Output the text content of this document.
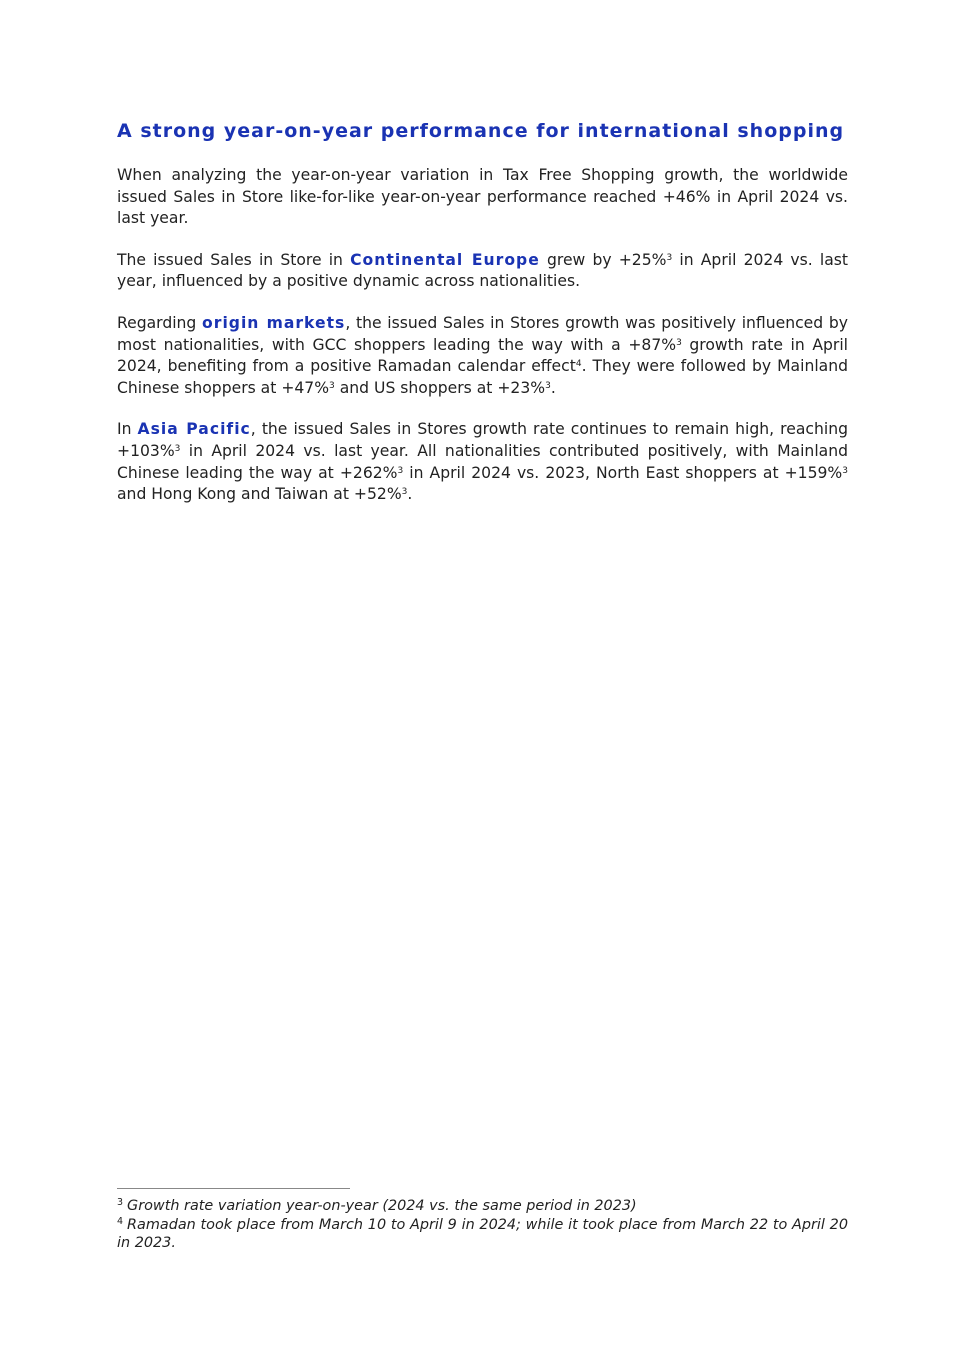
A strong year-on-year performance for international shopping

When analyzing the year-on-year variation in Tax Free Shopping growth, the worldwide issued Sales in Store like-for-like year-on-year performance reached +46% in April 2024 vs. last year.

The issued Sales in Store in Continental Europe grew by +25%$^3$ in April 2024 vs. last year, influenced by a positive dynamic across nationalities.

Regarding origin markets, the issued Sales in Stores growth was positively influenced by most nationalities, with GCC shoppers leading the way with a +87%$^3$ growth rate in April 2024, benefiting from a positive Ramadan calendar effect$^4$. They were followed by Mainland Chinese shoppers at +47%$^3$ and US shoppers at +23%$^3$.

In Asia Pacific, the issued Sales in Stores growth rate continues to remain high, reaching +103%$^3$ in April 2024 vs. last year. All nationalities contributed positively, with Mainland Chinese leading the way at +262%$^3$ in April 2024 vs. 2023, North East shoppers at +159%$^3$ and Hong Kong and Taiwan at +52%$^3$.

$^3$ Growth rate variation year-on-year (2024 vs. the same period in 2023)

$^4$ Ramadan took place from March 10 to April 9 in 2024; while it took place from March 22 to April 20 in 2023.
